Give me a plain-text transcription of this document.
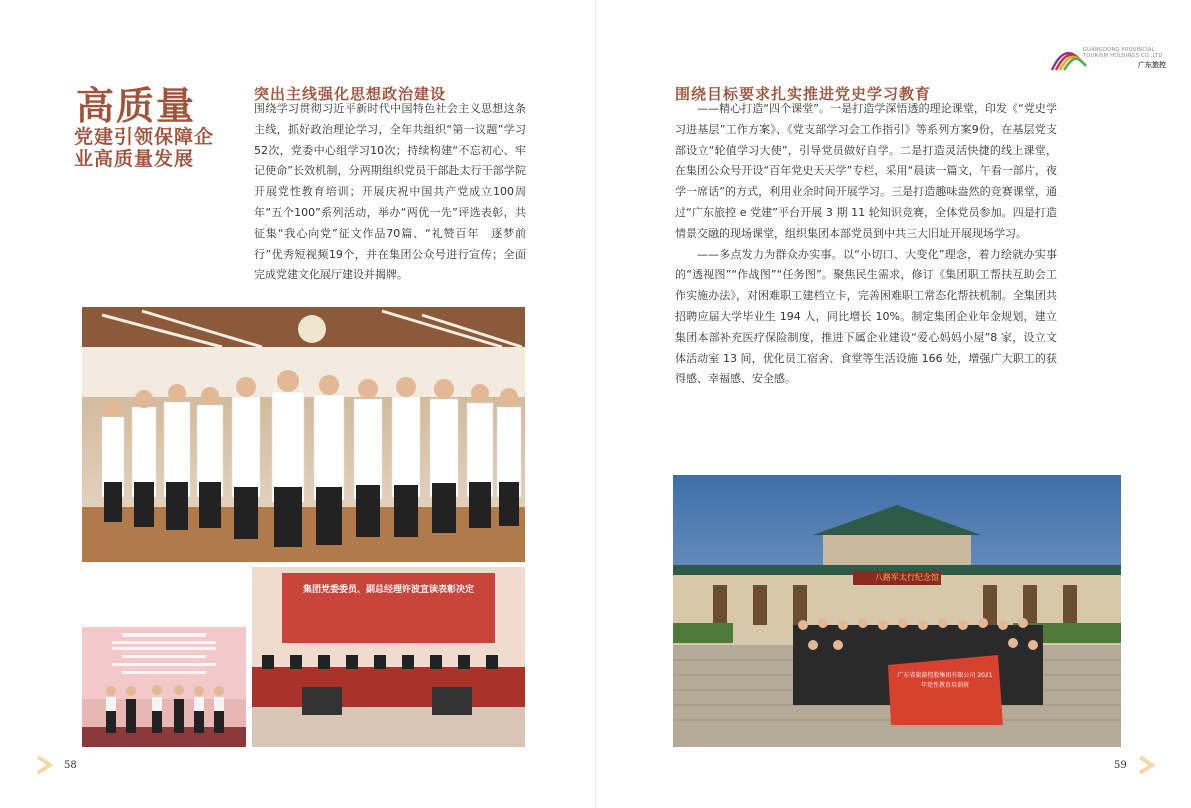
高质量
党建引领保障企业高质量发展
突出主线强化思想政治建设

围绕学习贯彻习近平新时代中国特色社会主义思想这条主线，抓好政治理论学习，全年共组织“第一议题”学习52次，党委中心组学习10次；持续构建“不忘初心、牢记使命”长效机制，分两期组织党员干部赴太行干部学院开展党性教育培训；开展庆祝中国共产党成立100周年“五个100”系列活动，举办“两优一先”评选表彰，共征集“我心向党”征文作品70篇、“礼赞百年　逐梦前行”优秀短视频19个，并在集团公众号进行宣传；全面完成党建文化展厅建设并揭牌。

集团党委委员、副总经理许波宣读表彰决定
58
围绕目标要求扎实推进党史学习教育

——精心打造“四个课堂”。一是打造学深悟透的理论课堂，印发《“党史学习进基层”工作方案》、《党支部学习会工作指引》等系列方案9份，在基层党支部设立“轮值学习大使”，引导党员做好自学。二是打造灵活快捷的线上课堂，在集团公众号开设“百年党史天天学”专栏，采用“晨读一篇文，午看一部片，夜学一席话”的方式，利用业余时间开展学习。三是打造趣味盎然的竞赛课堂，通过“广东旅控 e 党建”平台开展 3 期 11 轮知识竞赛，全体党员参加。四是打造情景交融的现场课堂，组织集团本部党员到中共三大旧址开展现场学习。

——多点发力为群众办实事。以“小切口、大变化”理念，着力绘就办实事的“透视图”“作战图”“任务图”。聚焦民生需求，修订《集团职工帮扶互助会工作实施办法》，对困难职工建档立卡，完善困难职工常态化帮扶机制。全集团共招聘应届大学毕业生 194 人，同比增长 10%。制定集团企业年金规划，建立集团本部补充医疗保险制度，推进下属企业建设“爱心妈妈小屋”8 家，设立文体活动室 13 间，优化员工宿舍、食堂等生活设施 166 处，增强广大职工的获得感、幸福感、安全感。

八路军太行纪念馆
广东省旅游控股集团有限公司 2021年党性教育培训班
59
GUANGDONG PROVINCIAL TOURISM HOLDINGS CO.,LTD
广东旅控
